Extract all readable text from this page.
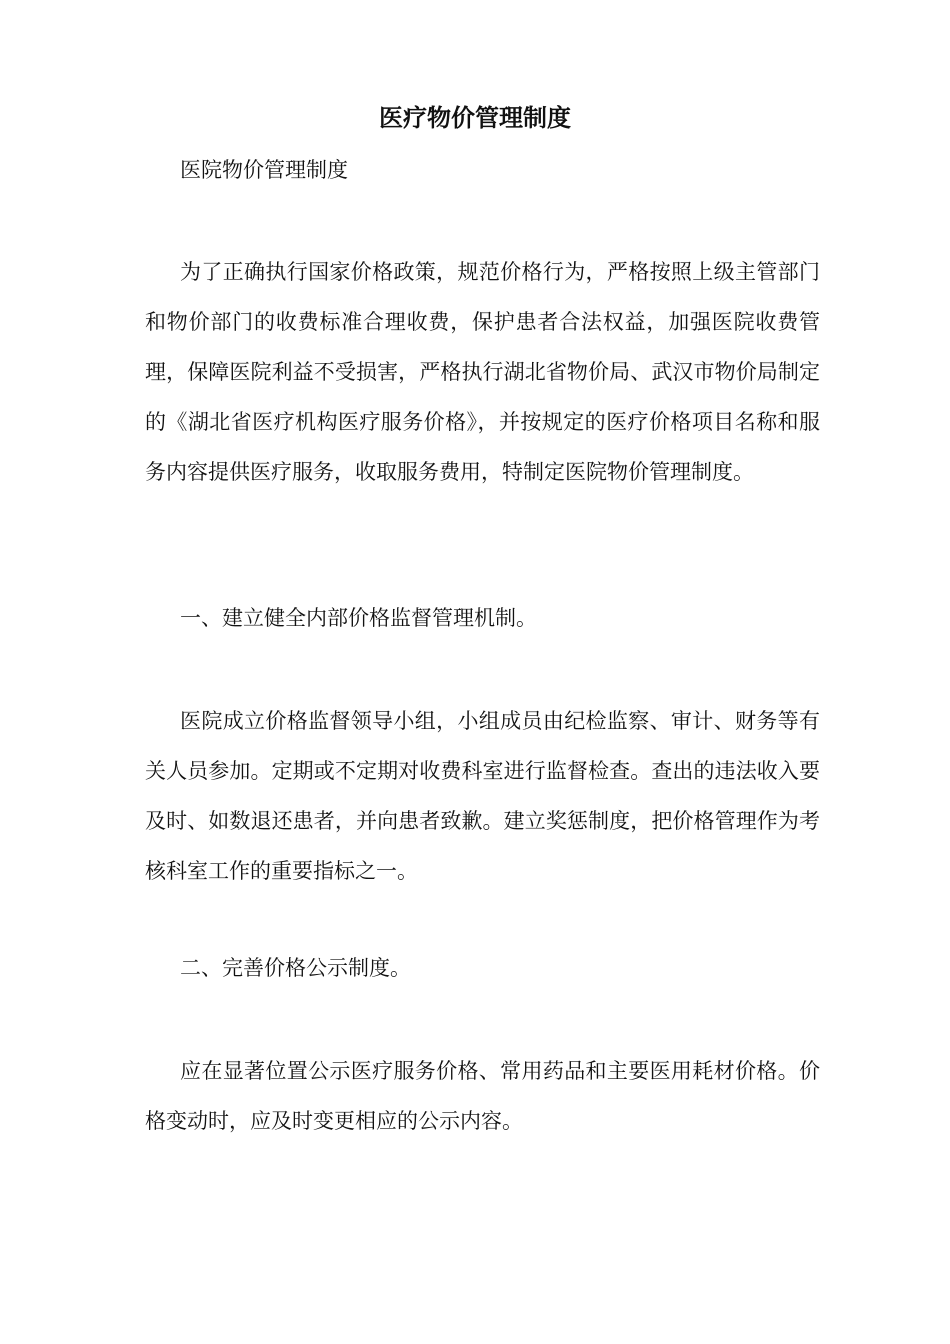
医疗物价管理制度

医院物价管理制度

为了正确执行国家价格政策，规范价格行为，严格按照上级主管部门和物价部门的收费标准合理收费，保护患者合法权益，加强医院收费管理，保障医院利益不受损害，严格执行湖北省物价局、武汉市物价局制定的《湖北省医疗机构医疗服务价格》，并按规定的医疗价格项目名称和服务内容提供医疗服务，收取服务费用，特制定医院物价管理制度。

一、建立健全内部价格监督管理机制。

医院成立价格监督领导小组，小组成员由纪检监察、审计、财务等有关人员参加。定期或不定期对收费科室进行监督检查。查出的违法收入要及时、如数退还患者，并向患者致歉。建立奖惩制度，把价格管理作为考核科室工作的重要指标之一。

二、完善价格公示制度。

应在显著位置公示医疗服务价格、常用药品和主要医用耗材价格。价格变动时，应及时变更相应的公示内容。
